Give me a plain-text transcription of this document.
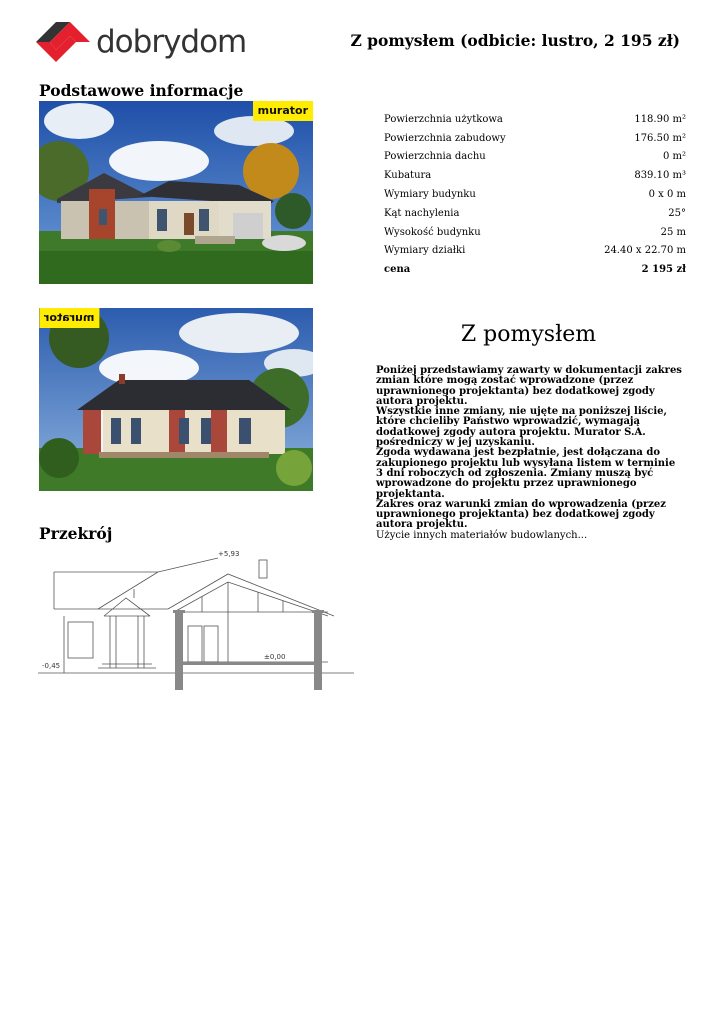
dobrydom	Z pomysłem (odbicie: lustro, 2 195 zł)
Podstawowe informacje
murator
murator
Powierzchnia użytkowa	118.90 m²
Powierzchnia zabudowy	176.50 m²
Powierzchnia dachu	0 m²
Kubatura	839.10 m³
Wymiary budynku	0 x 0 m
Kąt nachylenia	25°
Wysokość budynku	25 m
Wymiary działki	24.40 x 22.70 m
cena	2 195 zł
Z pomysłem

Poniżej przedstawiamy zawarty w dokumentacji zakres zmian które mogą zostać wprowadzone (przez uprawnionego projektanta) bez dodatkowej zgody autora projektu.

Wszystkie inne zmiany, nie ujęte na poniższej liście, które chcieliby Państwo wprowadzić, wymagają dodatkowej zgody autora projektu. Murator S.A. pośredniczy w jej uzyskaniu.

Zgoda wydawana jest bezpłatnie, jest dołączana do zakupionego projektu lub wysyłana listem w terminie 3 dni roboczych od zgłoszenia. Zmiany muszą być wprowadzone do projektu przez uprawnionego projektanta.

Zakres oraz warunki zmian do wprowadzenia (przez uprawnionego projektanta) bez dodatkowej zgody autora projektu.

Użycie innych materiałów budowlanych...

Przekrój
+5,93
±0,00
-0,45
